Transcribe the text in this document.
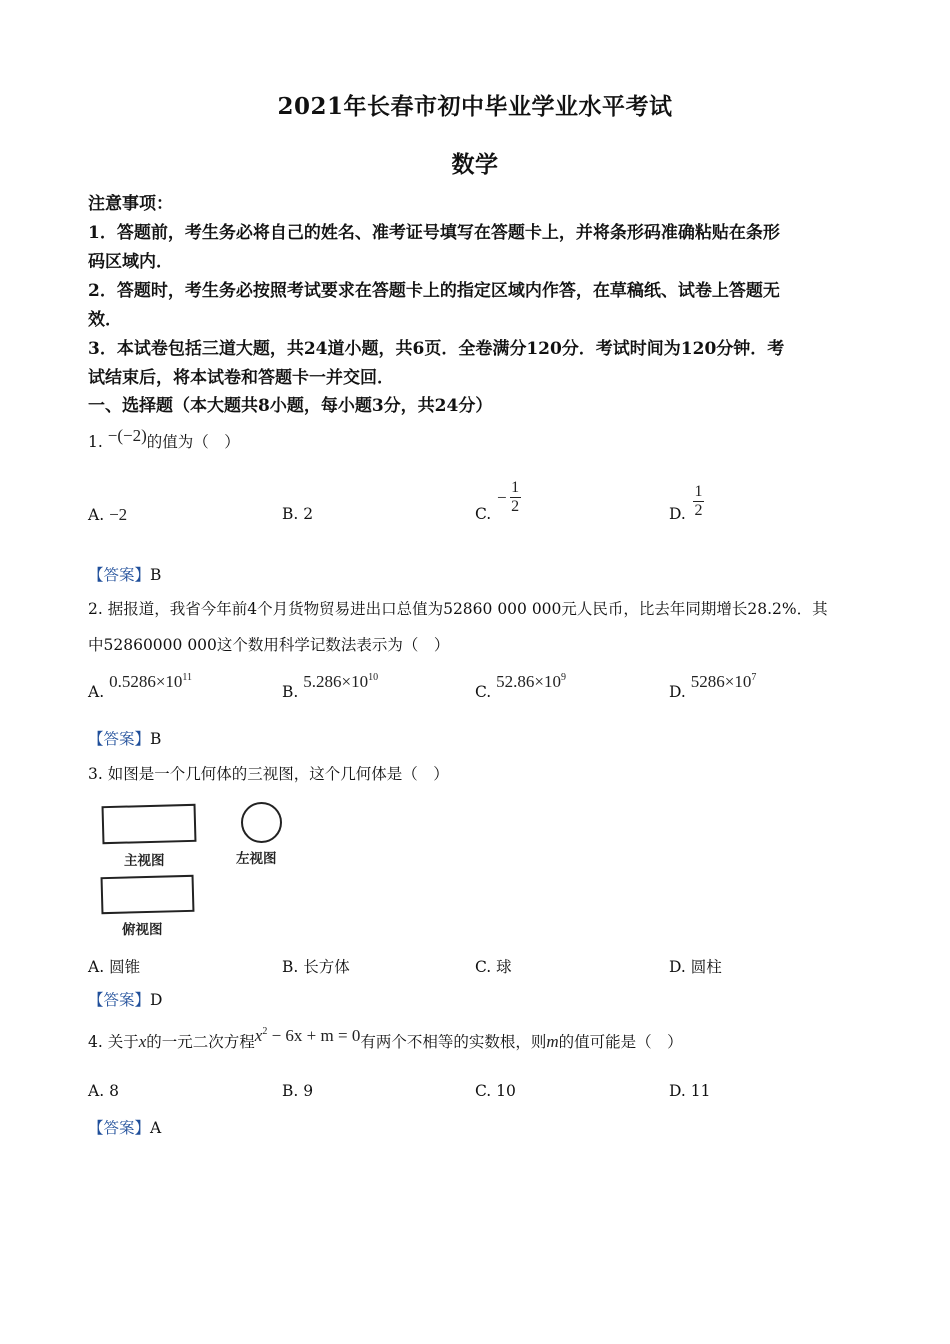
2021年长春市初中毕业学业水平考试
数学
注意事项：
1．答题前，考生务必将自己的姓名、准考证号填写在答题卡上，并将条形码准确粘贴在条形
码区域内．
2．答题时，考生务必按照考试要求在答题卡上的指定区域内作答，在草稿纸、试卷上答题无
效．
3．本试卷包括三道大题，共24道小题，共6页．全卷满分120分．考试时间为120分钟．考
试结束后，将本试卷和答题卡一并交回．
一、选择题（本大题共8小题，每小题3分，共24分）
1. −(−2)的值为（　）
A. −2	B. 2	C.
− $\frac{1}{2}$	D. $\frac{1}{2}$
【答案】B
2. 据报道，我省今年前4个月货物贸易进出口总值为52860 000 000元人民币，比去年同期增长28.2%．其
中52860000 000这个数用科学记数法表示为（　）
A. $0.5286\times 10^{11}$
B. $5.286\times 10^{10}$
C. $52.86\times 10^9$
D. $5286\times 10^7$
【答案】B
3. 如图是一个几何体的三视图，这个几何体是（　）
主视图	左视图
俯视图
A. 圆锥	B. 长方体	C. 球	D. 圆柱
【答案】D
4. 关于x的一元二次方程$x^2 - 6x + m = 0$有两个不相等的实数根，则m的值可能是（　）
A. 8	B. 9	C. 10	D. 11
【答案】A
